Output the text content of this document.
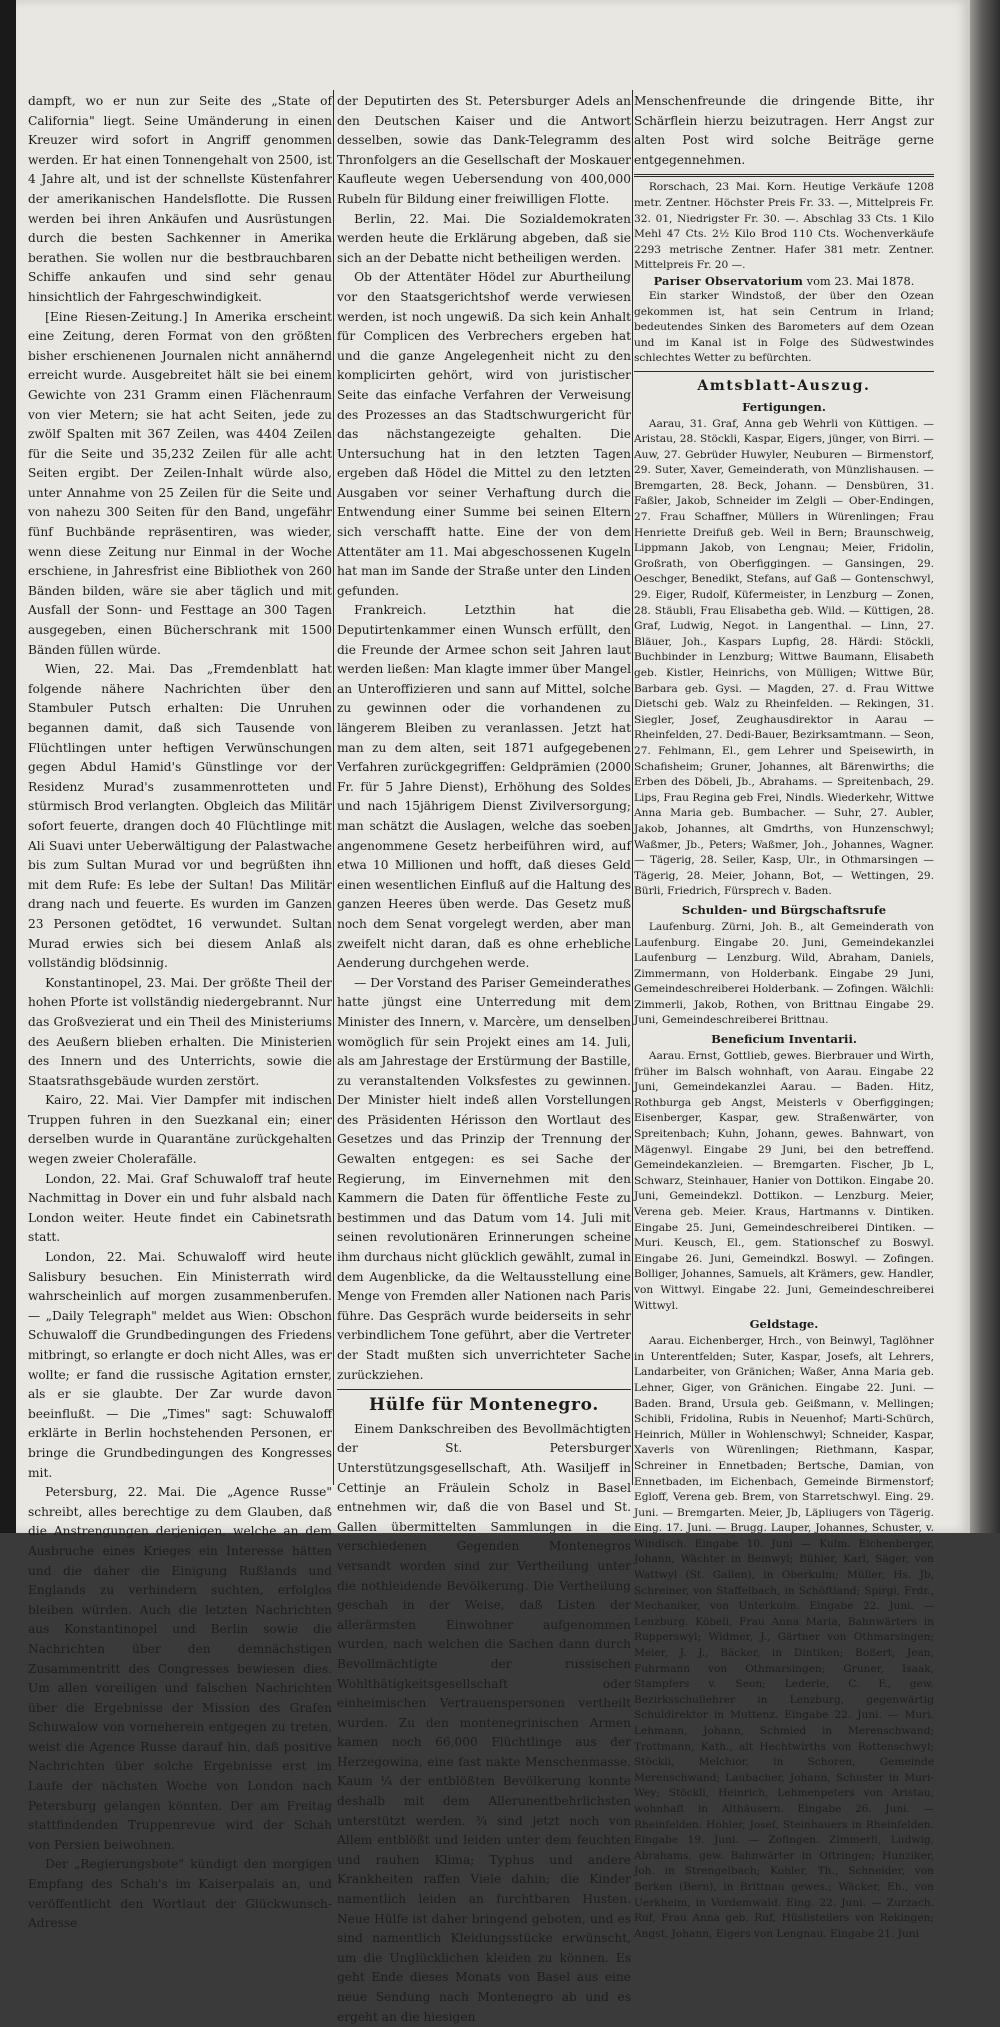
dampft, wo er nun zur Seite des „State of California" liegt. Seine Umänderung in einen Kreuzer wird sofort in Angriff genommen werden. Er hat einen Tonnengehalt von 2500, ist 4 Jahre alt, und ist der schnellste Küstenfahrer der amerikanischen Handelsflotte. Die Russen werden bei ihren Ankäufen und Ausrüstungen durch die besten Sachkenner in Amerika berathen. Sie wollen nur die bestbrauchbaren Schiffe ankaufen und sind sehr genau hinsichtlich der Fahrgeschwindigkeit.

[Eine Riesen-Zeitung.] In Amerika erscheint eine Zeitung, deren Format von den größten bisher erschienenen Journalen nicht annähernd erreicht wurde. Ausgebreitet hält sie bei einem Gewichte von 231 Gramm einen Flächenraum von vier Metern; sie hat acht Seiten, jede zu zwölf Spalten mit 367 Zeilen, was 4404 Zeilen für die Seite und 35,232 Zeilen für alle acht Seiten ergibt. Der Zeilen-Inhalt würde also, unter Annahme von 25 Zeilen für die Seite und von nahezu 300 Seiten für den Band, ungefähr fünf Buchbände repräsentiren, was wieder, wenn diese Zeitung nur Einmal in der Woche erschiene, in Jahresfrist eine Bibliothek von 260 Bänden bilden, wäre sie aber täglich und mit Ausfall der Sonn- und Festtage an 300 Tagen ausgegeben, einen Bücherschrank mit 1500 Bänden füllen würde.

Wien, 22. Mai. Das „Fremdenblatt hat folgende nähere Nachrichten über den Stambuler Putsch erhalten: Die Unruhen begannen damit, daß sich Tausende von Flüchtlingen unter heftigen Verwünschungen gegen Abdul Hamid's Günstlinge vor der Residenz Murad's zusammenrotteten und stürmisch Brod verlangten. Obgleich das Militär sofort feuerte, drangen doch 40 Flüchtlinge mit Ali Suavi unter Ueberwältigung der Palastwache bis zum Sultan Murad vor und begrüßten ihn mit dem Rufe: Es lebe der Sultan! Das Militär drang nach und feuerte. Es wurden im Ganzen 23 Personen getödtet, 16 verwundet. Sultan Murad erwies sich bei diesem Anlaß als vollständig blödsinnig.

Konstantinopel, 23. Mai. Der größte Theil der hohen Pforte ist vollständig niedergebrannt. Nur das Großvezierat und ein Theil des Ministeriums des Aeußern blieben erhalten. Die Ministerien des Innern und des Unterrichts, sowie die Staatsrathsgebäude wurden zerstört.

Kairo, 22. Mai. Vier Dampfer mit indischen Truppen fuhren in den Suezkanal ein; einer derselben wurde in Quarantäne zurückgehalten wegen zweier Cholerafälle.

London, 22. Mai. Graf Schuwaloff traf heute Nachmittag in Dover ein und fuhr alsbald nach London weiter. Heute findet ein Cabinetsrath statt.

London, 22. Mai. Schuwaloff wird heute Salisbury besuchen. Ein Ministerrath wird wahrscheinlich auf morgen zusammenberufen. — „Daily Telegraph" meldet aus Wien: Obschon Schuwaloff die Grundbedingungen des Friedens mitbringt, so erlangte er doch nicht Alles, was er wollte; er fand die russische Agitation ernster, als er sie glaubte. Der Zar wurde davon beeinflußt. — Die „Times" sagt: Schuwaloff erklärte in Berlin hochstehenden Personen, er bringe die Grundbedingungen des Kongresses mit.

Petersburg, 22. Mai. Die „Agence Russe" schreibt, alles berechtige zu dem Glauben, daß die Anstrengungen derjenigen, welche an dem Ausbruche eines Krieges ein Interesse hätten und die daher die Einigung Rußlands und Englands zu verhindern suchten, erfolglos bleiben würden. Auch die letzten Nachrichten aus Konstantinopel und Berlin sowie die Nachrichten über den demnächstigen Zusammentritt des Congresses bewiesen dies. Um allen voreiligen und falschen Nachrichten über die Ergebnisse der Mission des Grafen Schuwalow von vorneherein entgegen zu treten, weist die Agence Russe darauf hin, daß positive Nachrichten über solche Ergebnisse erst im Laufe der nächsten Woche von London nach Petersburg gelangen könnten. Der am Freitag stattfindenden Truppenrevue wird der Schah von Persien beiwohnen.

Der „Regierungsbote" kündigt den morgigen Empfang des Schah's im Kaiserpalais an, und veröffentlicht den Wortlaut der Glückwunsch-Adresse

der Deputirten des St. Petersburger Adels an den Deutschen Kaiser und die Antwort desselben, sowie das Dank-Telegramm des Thronfolgers an die Gesellschaft der Moskauer Kaufleute wegen Uebersendung von 400,000 Rubeln für Bildung einer freiwilligen Flotte.

Berlin, 22. Mai. Die Sozialdemokraten werden heute die Erklärung abgeben, daß sie sich an der Debatte nicht betheiligen werden.

Ob der Attentäter Hödel zur Aburtheilung vor den Staatsgerichtshof werde verwiesen werden, ist noch ungewiß. Da sich kein Anhalt für Complicen des Verbrechers ergeben hat und die ganze Angelegenheit nicht zu den komplicirten gehört, wird von juristischer Seite das einfache Verfahren der Verweisung des Prozesses an das Stadtschwurgericht für das nächstangezeigte gehalten. Die Untersuchung hat in den letzten Tagen ergeben daß Hödel die Mittel zu den letzten Ausgaben vor seiner Verhaftung durch die Entwendung einer Summe bei seinen Eltern sich verschafft hatte. Eine der von dem Attentäter am 11. Mai abgeschossenen Kugeln hat man im Sande der Straße unter den Linden gefunden.

Frankreich. Letzthin hat die Deputirtenkammer einen Wunsch erfüllt, den die Freunde der Armee schon seit Jahren laut werden ließen: Man klagte immer über Mangel an Unteroffizieren und sann auf Mittel, solche zu gewinnen oder die vorhandenen zu längerem Bleiben zu veranlassen. Jetzt hat man zu dem alten, seit 1871 aufgegebenen Verfahren zurückgegriffen: Geldprämien (2000 Fr. für 5 Jahre Dienst), Erhöhung des Soldes und nach 15jährigem Dienst Zivilversorgung; man schätzt die Auslagen, welche das soeben angenommene Gesetz herbeiführen wird, auf etwa 10 Millionen und hofft, daß dieses Geld einen wesentlichen Einfluß auf die Haltung des ganzen Heeres üben werde. Das Gesetz muß noch dem Senat vorgelegt werden, aber man zweifelt nicht daran, daß es ohne erhebliche Aenderung durchgehen werde.

— Der Vorstand des Pariser Gemeinderathes hatte jüngst eine Unterredung mit dem Minister des Innern, v. Marcère, um denselben womöglich für sein Projekt eines am 14. Juli, als am Jahrestage der Erstürmung der Bastille, zu veranstaltenden Volksfestes zu gewinnen. Der Minister hielt indeß allen Vorstellungen des Präsidenten Hérisson den Wortlaut des Gesetzes und das Prinzip der Trennung der Gewalten entgegen: es sei Sache der Regierung, im Einvernehmen mit den Kammern die Daten für öffentliche Feste zu bestimmen und das Datum vom 14. Juli mit seinen revolutionären Erinnerungen scheine ihm durchaus nicht glücklich gewählt, zumal in dem Augenblicke, da die Weltausstellung eine Menge von Fremden aller Nationen nach Paris führe. Das Gespräch wurde beiderseits in sehr verbindlichem Tone geführt, aber die Vertreter der Stadt mußten sich unverrichteter Sache zurückziehen.

Hülfe für Montenegro.

Einem Dankschreiben des Bevollmächtigten der St. Petersburger Unterstützungsgesellschaft, Ath. Wasiljeff in Cettinje an Fräulein Scholz in Basel entnehmen wir, daß die von Basel und St. Gallen übermittelten Sammlungen in die verschiedenen Gegenden Montenegros versandt worden sind zur Vertheilung unter die nothleidende Bevölkerung. Die Vertheilung geschah in der Weise, daß Listen der allerärmsten Einwohner aufgenommen wurden, nach welchen die Sachen dann durch Bevollmächtigte der russischen Wohlthätigkeitsgesellschaft oder einheimischen Vertrauenspersonen vertheilt wurden. Zu den montenegrinischen Armen kamen noch 66,000 Flüchtlinge aus der Herzegowina, eine fast nakte Menschenmasse. Kaum ¼ der entblößten Bevölkerung konnte deshalb mit dem Allerunentbehrlichsten unterstützt werden. ¾ sind jetzt noch von Allem entblößt und leiden unter dem feuchten und rauhen Klima; Typhus und andere Krankheiten raffen Viele dahin; die Kinder namentlich leiden an furchtbaren Husten. Neue Hülfe ist daher bringend geboten, und es sind namentlich Kleidungsstücke erwünscht, um die Unglücklichen kleiden zu können. Es geht Ende dieses Monats von Basel aus eine neue Sendung nach Montenegro ab und es ergeht an die hiesigen

Menschenfreunde die dringende Bitte, ihr Schärflein hierzu beizutragen. Herr Angst zur alten Post wird solche Beiträge gerne entgegennehmen.

Rorschach, 23 Mai. Korn. Heutige Verkäufe 1208 metr. Zentner. Höchster Preis Fr. 33. —, Mittelpreis Fr. 32. 01, Niedrigster Fr. 30. —. Abschlag 33 Cts. 1 Kilo Mehl 47 Cts. 2½ Kilo Brod 110 Cts. Wochenverkäufe 2293 metrische Zentner. Hafer 381 metr. Zentner. Mittelpreis Fr. 20 —.

Pariser Observatorium vom 23. Mai 1878.

Ein starker Windstoß, der über den Ozean gekommen ist, hat sein Centrum in Irland; bedeutendes Sinken des Barometers auf dem Ozean und im Kanal ist in Folge des Südwestwindes schlechtes Wetter zu befürchten.

Amtsblatt-Auszug.
Fertigungen.

Aarau, 31. Graf, Anna geb Wehrli von Küttigen. — Aristau, 28. Stöckli, Kaspar, Eigers, jünger, von Birri. — Auw, 27. Gebrüder Huwyler, Neuburen — Birmenstorf, 29. Suter, Xaver, Gemeinderath, von Münzlishausen. — Bremgarten, 28. Beck, Johann. — Densbüren, 31. Faßler, Jakob, Schneider im Zelgli — Ober-Endingen, 27. Frau Schaffner, Müllers in Würenlingen; Frau Henriette Dreifuß geb. Weil in Bern; Braunschweig, Lippmann Jakob, von Lengnau; Meier, Fridolin, Großrath, von Oberfiggingen. — Gansingen, 29. Oeschger, Benedikt, Stefans, auf Gaß — Gontenschwyl, 29. Eiger, Rudolf, Küfermeister, in Lenzburg — Zonen, 28. Stäubli, Frau Elisabetha geb. Wild. — Küttigen, 28. Graf, Ludwig, Negot. in Langenthal. — Linn, 27. Bläuer, Joh., Kaspars Lupfig, 28. Härdi: Stöckli, Buchbinder in Lenzburg; Wittwe Baumann, Elisabeth geb. Kistler, Heinrichs, von Mülligen; Wittwe Bür, Barbara geb. Gysi. — Magden, 27. d. Frau Wittwe Dietschi geb. Walz zu Rheinfelden. — Rekingen, 31. Siegler, Josef, Zeughausdirektor in Aarau — Rheinfelden, 27. Dedi-Bauer, Bezirksamtmann. — Seon, 27. Fehlmann, El., gem Lehrer und Speisewirth, in Schafisheim; Gruner, Johannes, alt Bärenwirths; die Erben des Döbeli, Jb., Abrahams. — Spreitenbach, 29. Lips, Frau Regina geb Frei, Nindls. Wiederkehr, Wittwe Anna Maria geb. Bumbacher. — Suhr, 27. Aubler, Jakob, Johannes, alt Gmdrths, von Hunzenschwyl; Waßmer, Jb., Peters; Waßmer, Joh., Johannes, Wagner. — Tägerig, 28. Seiler, Kasp, Ulr., in Othmarsingen — Tägerig, 28. Meier, Johann, Bot, — Wettingen, 29. Bürli, Friedrich, Fürsprech v. Baden.

Schulden- und Bürgschaftsrufe

Laufenburg. Zürni, Joh. B., alt Gemeinderath von Laufenburg. Eingabe 20. Juni, Gemeindekanzlei Laufenburg — Lenzburg. Wild, Abraham, Daniels, Zimmermann, von Holderbank. Eingabe 29 Juni, Gemeindeschreiberei Holderbank. — Zofingen. Wälchli: Zimmerli, Jakob, Rothen, von Brittnau Eingabe 29. Juni, Gemeindeschreiberei Brittnau.

Beneficium Inventarii.

Aarau. Ernst, Gottlieb, gewes. Bierbrauer und Wirth, früher im Balsch wohnhaft, von Aarau. Eingabe 22 Juni, Gemeindekanzlei Aarau. — Baden. Hitz, Rothburga geb Angst, Meisterls v Oberfiggingen; Eisenberger, Kaspar, gew. Straßenwärter, von Spreitenbach; Kuhn, Johann, gewes. Bahnwart, von Mägenwyl. Eingabe 29 Juni, bei den betreffend. Gemeindekanzleien. — Bremgarten. Fischer, Jb L, Schwarz, Steinhauer, Hanier von Dottikon. Eingabe 20. Juni, Gemeindekzl. Dottikon. — Lenzburg. Meier, Verena geb. Meier. Kraus, Hartmanns v. Dintiken. Eingabe 25. Juni, Gemeindeschreiberei Dintiken. — Muri. Keusch, El., gem. Stationschef zu Boswyl. Eingabe 26. Juni, Gemeindkzl. Boswyl. — Zofingen. Bolliger, Johannes, Samuels, alt Krämers, gew. Handler, von Wittwyl. Eingabe 22. Juni, Gemeindeschreiberei Wittwyl.

Geldstage.

Aarau. Eichenberger, Hrch., von Beinwyl, Taglöhner in Unterentfelden; Suter, Kaspar, Josefs, alt Lehrers, Landarbeiter, von Gränichen; Waßer, Anna Maria geb. Lehner, Giger, von Gränichen. Eingabe 22. Juni. — Baden. Brand, Ursula geb. Geißmann, v. Mellingen; Schibli, Fridolina, Rubis in Neuenhof; Marti-Schürch, Heinrich, Müller in Wohlenschwyl; Schneider, Kaspar, Xaverls von Würenlingen; Riethmann, Kaspar, Schreiner in Ennetbaden; Bertsche, Damian, von Ennetbaden, im Eichenbach, Gemeinde Birmenstorf; Egloff, Verena geb. Brem, von Starretschwyl. Eing. 29. Juni. — Bremgarten. Meier, Jb, Läpliugers von Tägerig. Eing. 17. Juni. — Brugg. Lauper, Johannes, Schuster, v. Windisch. Eingabe 10. Juni — Kulm. Eichenberger, Johann, Wächter in Beinwyl; Bühler, Karl, Säger, von Wattwyl (St. Gallen), in Oberkulm; Müller, Hs. Jb, Schreiner, von Staffelbach, in Schöftland; Spirgi, Frdr., Mechaniker, von Unterkulm. Eingabe 22. Juni. — Lenzburg. Köbeli, Frau Anna Maria, Bahnwärters in Rupperswyl; Widmer, J., Gärtner von Othmarsingen; Meier, J. J., Bäcker, in Dintiken; Boßert, Jean, Fuhrmann von Othmarsingen; Gruner, Isaak, Stampfers v. Seon; Lederle, C. F., gew. Bezirksschullehrer in Lenzburg, gegenwärtig Schuldirektor in Muttenz. Eingabe 22. Juni. — Muri. Lehmann, Johann, Schmied in Merenschwand; Trottmann, Kath., alt Hechtwirths von Rottenschwyl; Stöckli, Melchior, in Schoren, Gemeinde Merenschwand; Laubacher, Johann, Schuster in Muri-Wey; Stöckli, Heinrich, Lehmenpeters von Aristau, wohnhaft in Althäusern. Eingabe 26. Juni. — Rheinfelden. Hohler, Josef, Steinhauers in Rheinfelden. Eingabe 19. Juni. — Zofingen. Zimmerli, Ludwig, Abrahams, gew. Bahnwärter in Oftringen; Hunziker, Joh. in Strengelbach; Kohler, Th., Schneider, von Berken (Bern), in Brittnau gewes.; Wäcker, Eh., von Uerkheim, in Vordemwald. Eing. 22. Juni. — Zurzach. Ruf, Frau Anna geb. Ruf, Hüslisteilers von Rekingen; Angst, Johann, Eigers von Lengnau. Eingabe 21. Juni
